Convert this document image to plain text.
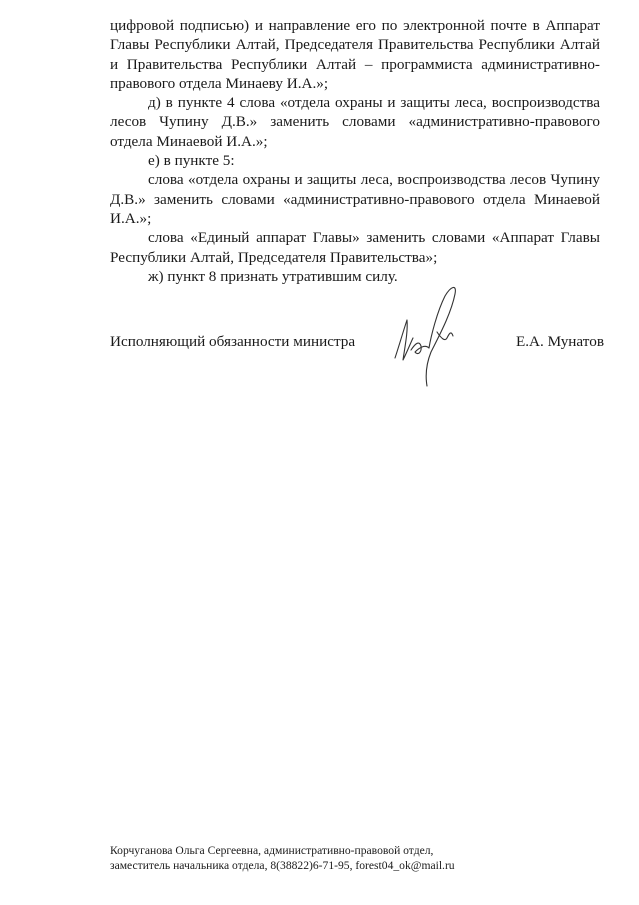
цифровой подписью) и направление его по электронной почте в Аппарат Главы Республики Алтай, Председателя Правительства Республики Алтай и Правительства Республики Алтай – программиста административно-правового отдела Минаеву И.А.»;

д) в пункте 4 слова «отдела охраны и защиты леса, воспроизводства лесов Чупину Д.В.» заменить словами «административно-правового отдела Минаевой И.А.»;

е) в пункте 5:

слова «отдела охраны и защиты леса, воспроизводства лесов Чупину Д.В.» заменить словами «административно-правового отдела Минаевой И.А.»;

слова «Единый аппарат Главы» заменить словами «Аппарат Главы Республики Алтай, Председателя Правительства»;

ж) пункт 8 признать утратившим силу.

Исполняющий обязанности министра	Е.А. Мунатов

Корчуганова Ольга Сергеевна, административно-правовой отдел,

заместитель начальника отдела, 8(38822)6-71-95, forest04_ok@mail.ru
